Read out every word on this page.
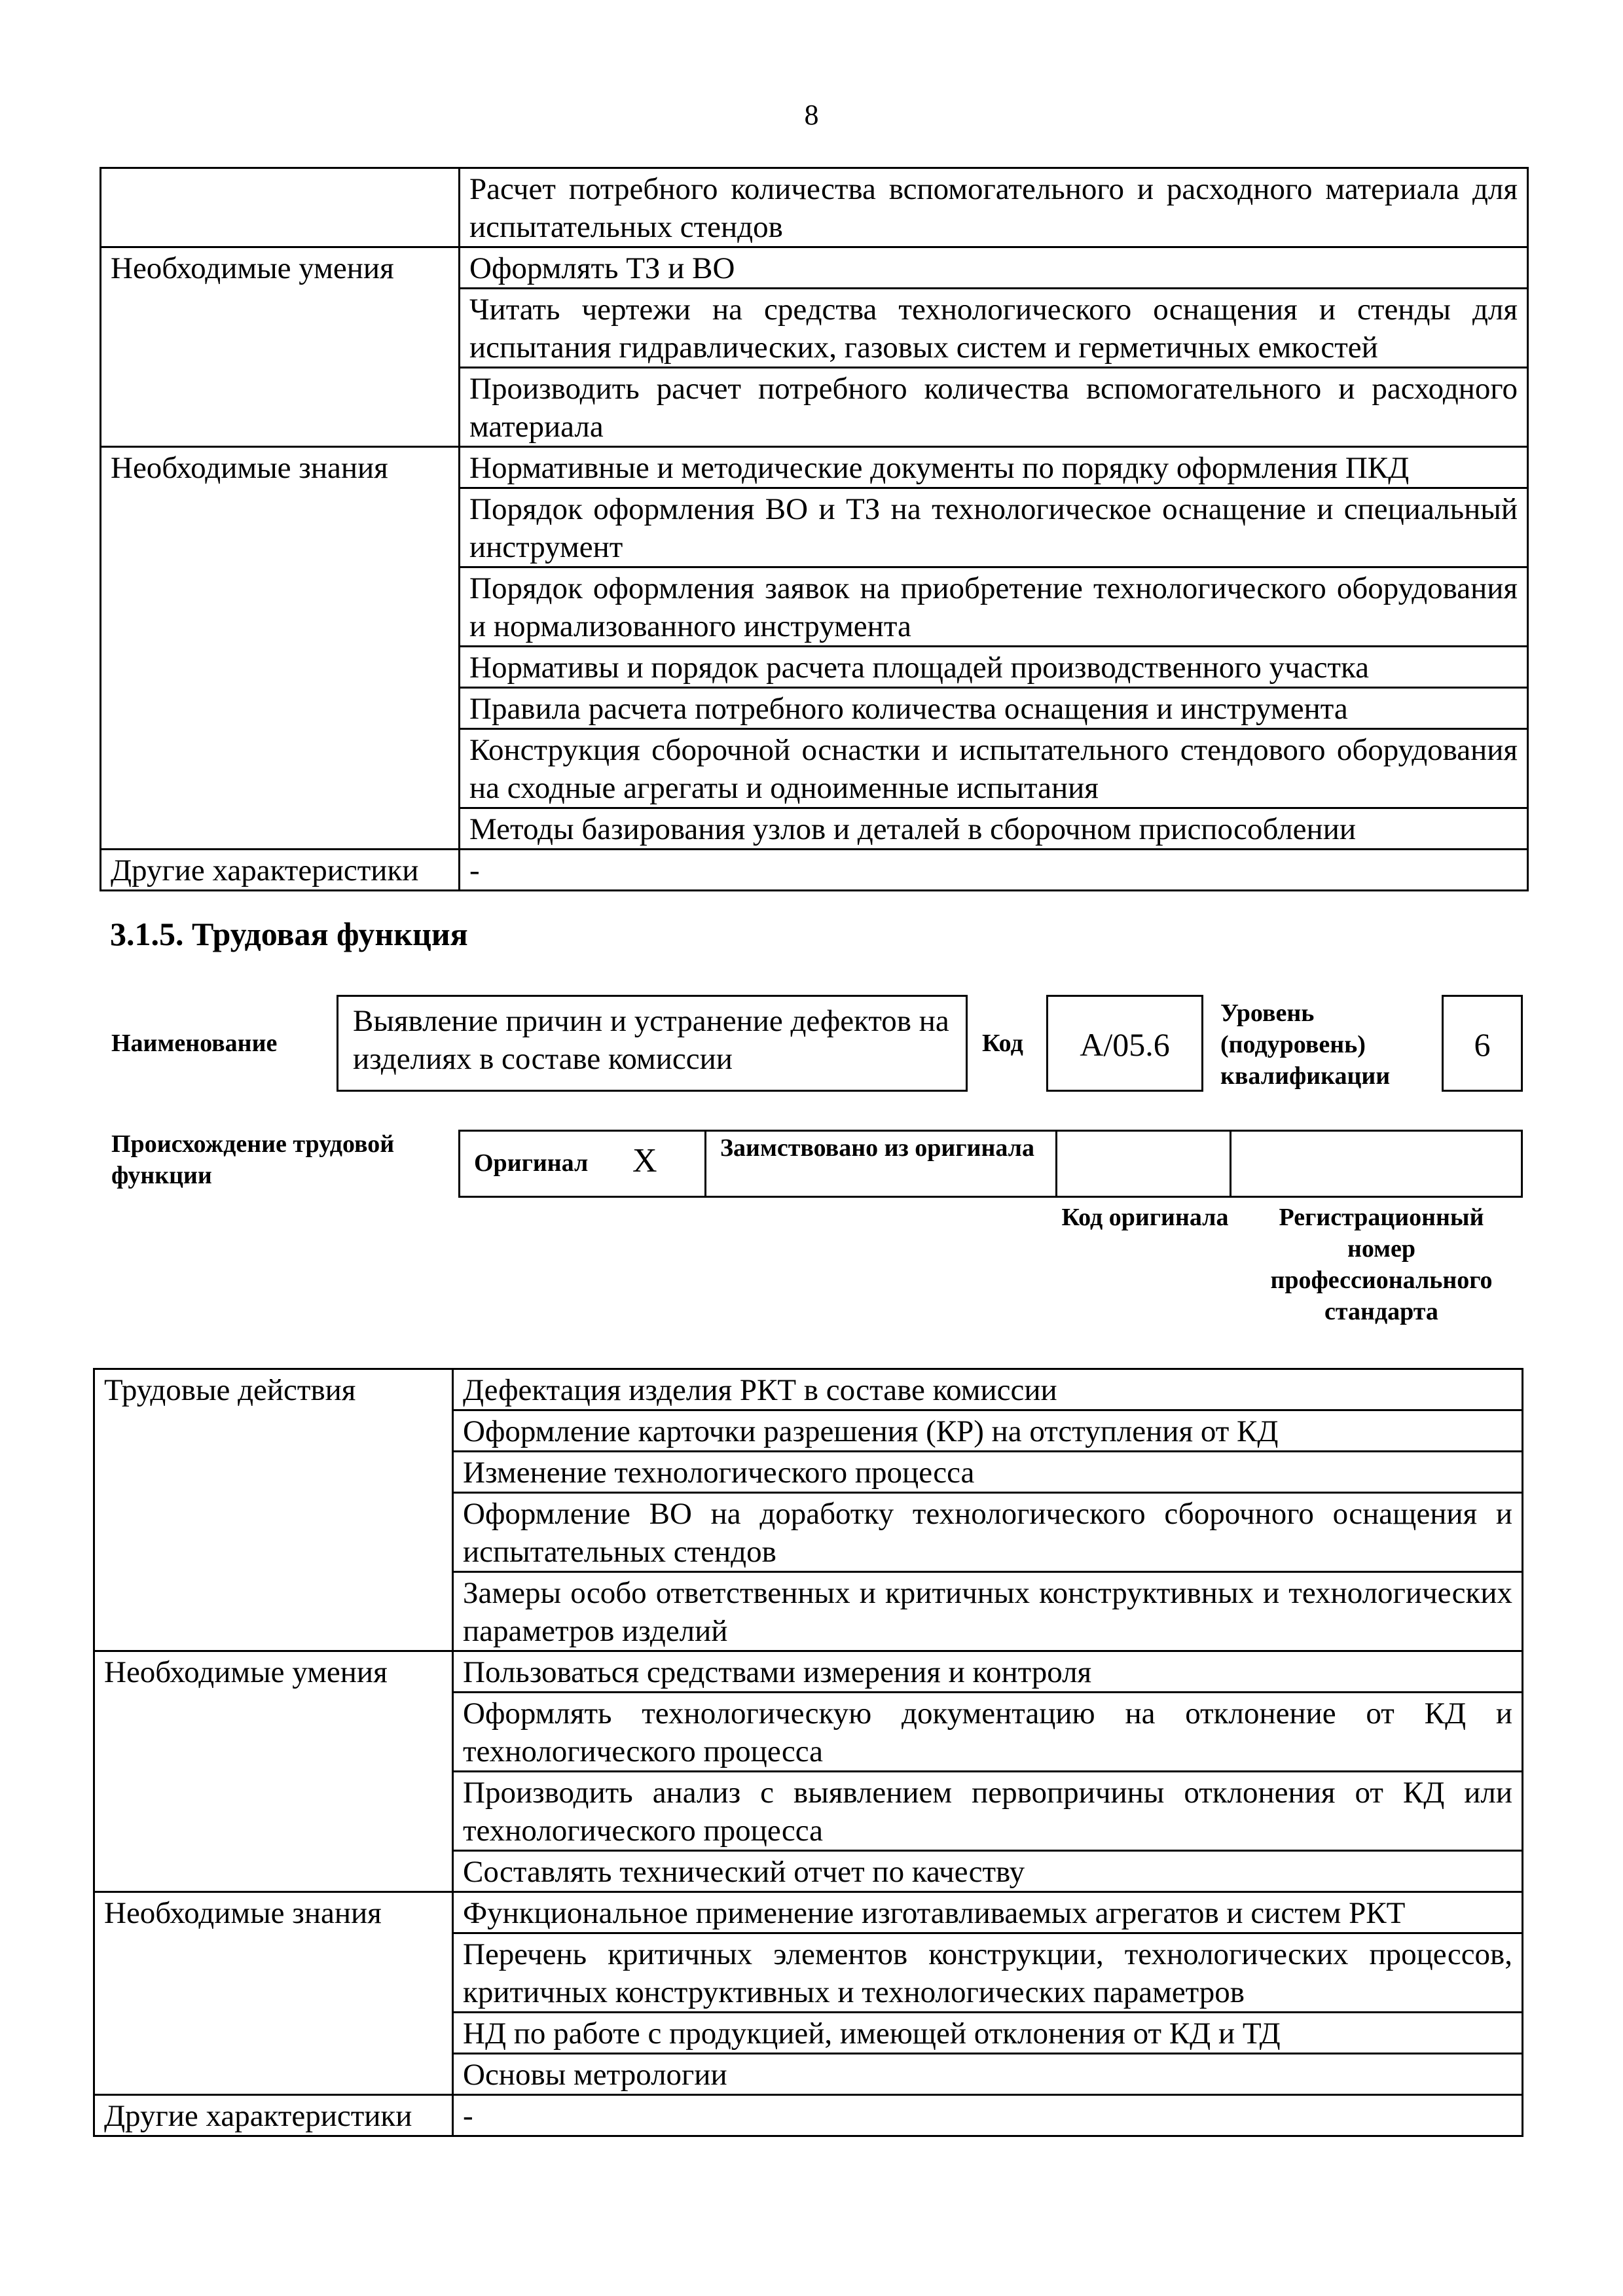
8
	Расчет потребного количества вспомогательного и расходного материала для испытательных стендов
Необходимые умения	Оформлять ТЗ и ВО
	Читать чертежи на средства технологического оснащения и стенды для испытания гидравлических, газовых систем и герметичных емкостей
	Производить расчет потребного количества вспомогательного и расходного материала
Необходимые знания	Нормативные и методические документы по порядку оформления ПКД
	Порядок оформления ВО и ТЗ на технологическое оснащение и специальный инструмент
	Порядок оформления заявок на приобретение технологического оборудования и нормализованного инструмента
	Нормативы и порядок расчета площадей производственного участка
	Правила расчета потребного количества оснащения и инструмента
	Конструкция сборочной оснастки и испытательного стендового оборудования на сходные агрегаты и одноименные испытания
	Методы базирования узлов и деталей в сборочном приспособлении
Другие характеристики	-
3.1.5. Трудовая функция
Наименование
Выявление причин и устранение дефектов на изделиях в составе комиссии	Код	А/05.6
Уровень (подуровень) квалификации
6
Происхождение трудовой функции	Оригинал X	Заимствовано из оригинала
Код оригинала	Регистрационный номер профессионального стандарта
Трудовые действия	Дефектация изделия РКТ в составе комиссии
	Оформление карточки разрешения (КР) на отступления от КД
	Изменение технологического процесса
	Оформление ВО на доработку технологического сборочного оснащения и испытательных стендов
	Замеры особо ответственных и критичных конструктивных и технологических параметров изделий
Необходимые умения	Пользоваться средствами измерения и контроля
	Оформлять технологическую документацию на отклонение от КД и технологического процесса
	Производить анализ с выявлением первопричины отклонения от КД или технологического процесса
	Составлять технический отчет по качеству
Необходимые знания	Функциональное применение изготавливаемых агрегатов и систем РКТ
	Перечень критичных элементов конструкции, технологических процессов, критичных конструктивных и технологических параметров
	НД по работе с продукцией, имеющей отклонения от КД и ТД
	Основы метрологии
Другие характеристики	-
